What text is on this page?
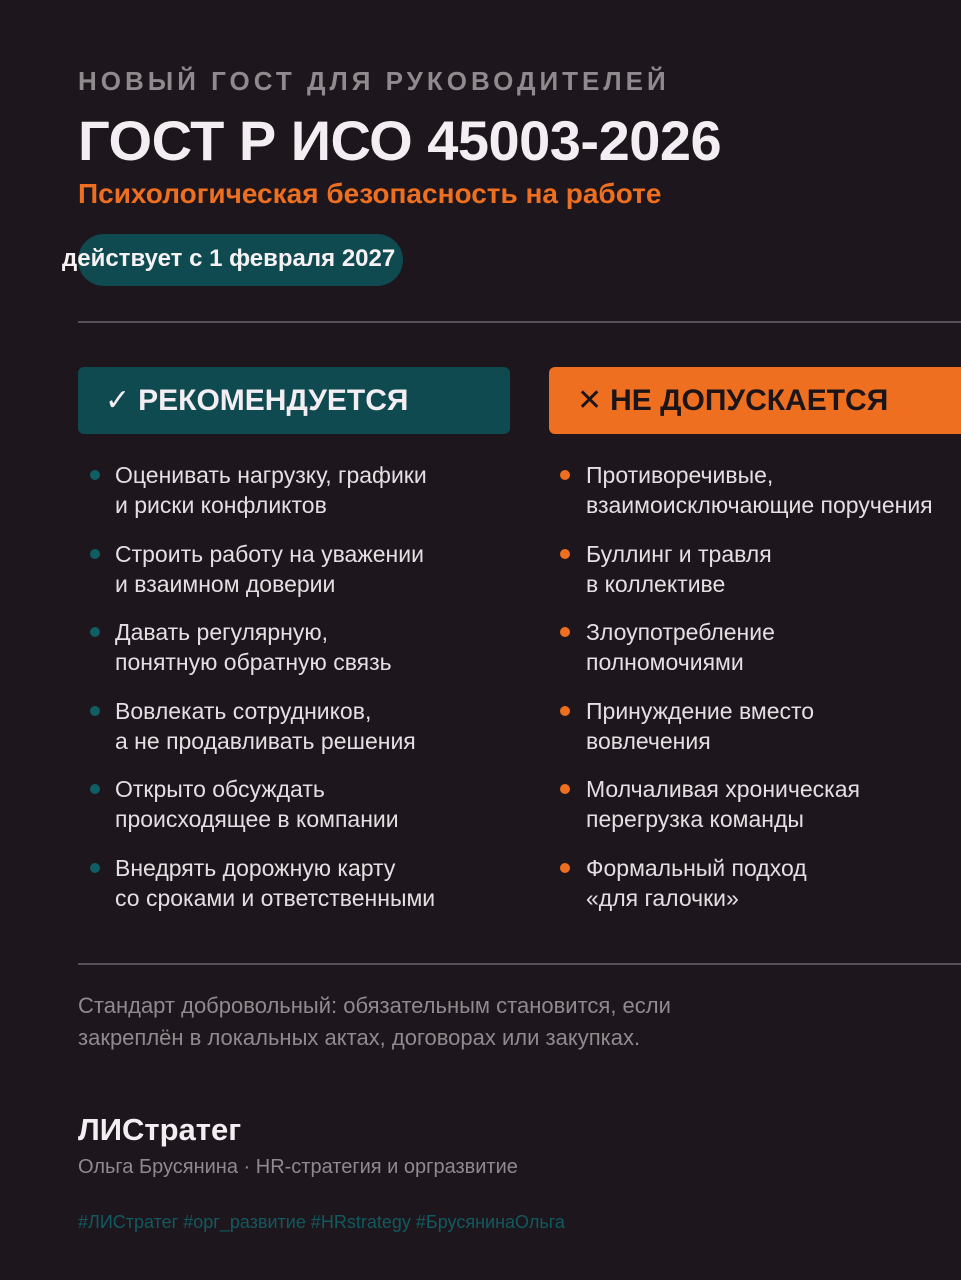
НОВЫЙ ГОСТ ДЛЯ РУКОВОДИТЕЛЕЙ
ГОСТ Р ИСО 45003-2026
Психологическая безопасность на работе
действует с 1 февраля 2027
✓ РЕКОМЕНДУЕТСЯ	✕ НЕ ДОПУСКАЕТСЯ
Оценивать нагрузку, графики
и риски конфликтов
Строить работу на уважении
и взаимном доверии
Давать регулярную,
понятную обратную связь
Вовлекать сотрудников,
а не продавливать решения
Открыто обсуждать
происходящее в компании
Внедрять дорожную карту
со сроками и ответственными
Противоречивые,
взаимоисключающие поручения
Буллинг и травля
в коллективе
Злоупотребление
полномочиями
Принуждение вместо
вовлечения
Молчаливая хроническая
перегрузка команды
Формальный подход
«для галочки»
Стандарт добровольный: обязательным становится, если
закреплён в локальных актах, договорах или закупках.
ЛИСтратег
Ольга Брусянина · HR-стратегия и оргразвитие
#ЛИСтратег #орг_развитие #HRstrategy #БрусянинаОльга
